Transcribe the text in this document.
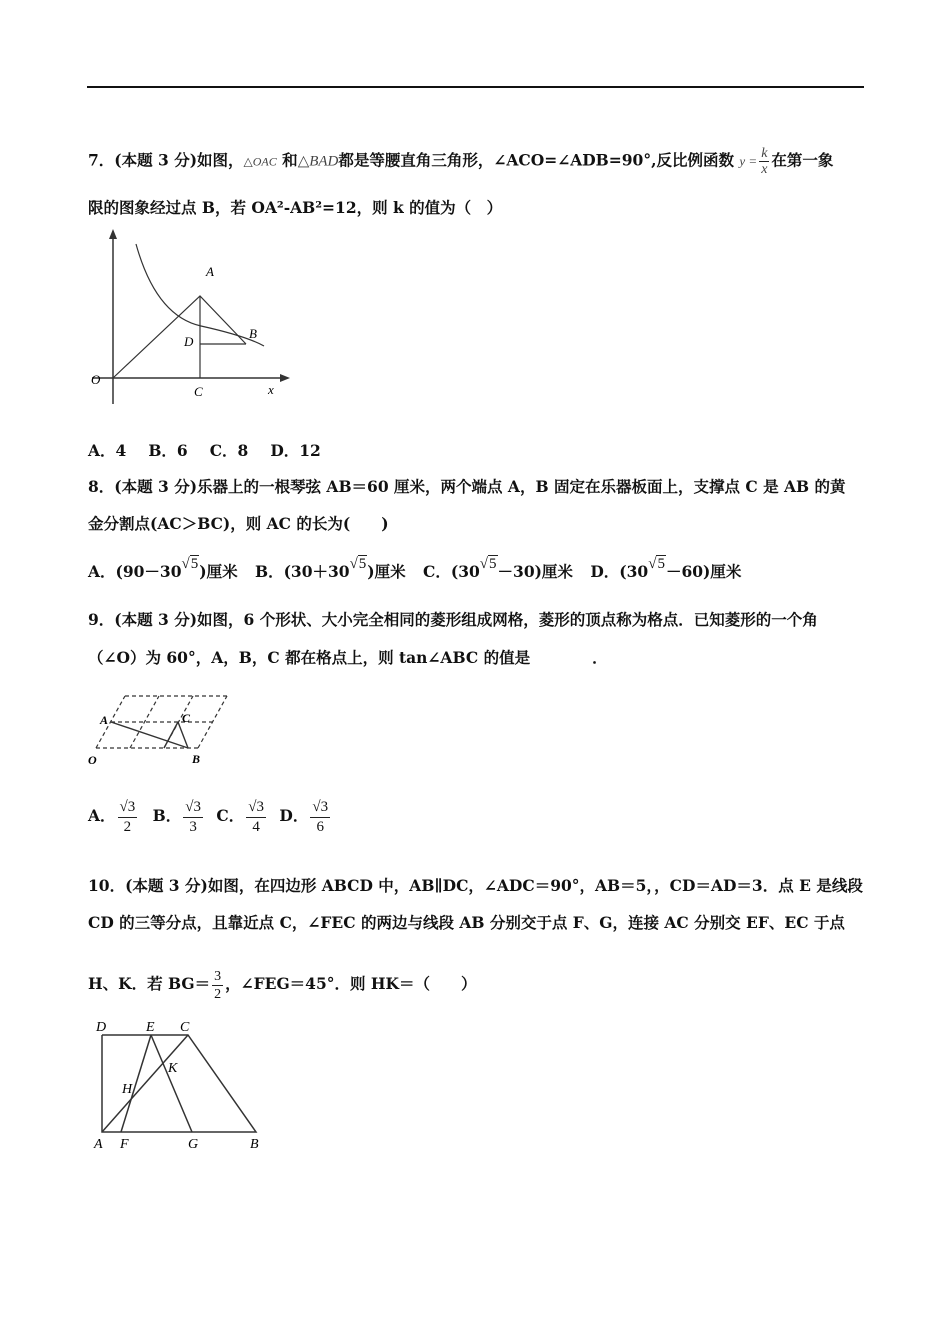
7．(本题 3 分)如图，△OAC 和△BAD都是等腰直角三角形，∠ACO=∠ADB=90°,反比例函数 $y = \frac{k}{x}$ 在第一象
限的图象经过点 B，若 OA²-AB²=12，则 k 的值为（　）
A
B
D
C
O
x
A．4 B．6 C．8 D．12
8．(本题 3 分)乐器上的一根琴弦 AB＝60 厘米，两个端点 A，B 固定在乐器板面上，支撑点 C 是 AB 的黄
金分割点(AC＞BC)，则 AC 的长为(　　)
A．(90－30√5)厘米 B．(30＋30√5)厘米 C．(30√5－30)厘米 D．(30√5－60)厘米
9．(本题 3 分)如图，6 个形状、大小完全相同的菱形组成网格，菱形的顶点称为格点．已知菱形的一个角
（∠O）为 60°，A，B，C 都在格点上，则 tan∠ABC 的值是　　　　．
A	C
O	B
A． $\frac{√3}{2}$ B． $\frac{√3}{3}$ C． $\frac{√3}{4}$ D． $\frac{√3}{6}$
10．(本题 3 分)如图，在四边形 ABCD 中，AB∥DC，∠ADC＝90°，AB＝5，，CD＝AD＝3．点 E 是线段
CD 的三等分点，且靠近点 C，∠FEC 的两边与线段 AB 分别交于点 F、G，连接 AC 分别交 EF、EC 于点
H、K．若 $BG= \frac{3}{2}$ ，∠FEG＝45°．则 HK＝（　　）
D	E C
H
K
A F	G	B
